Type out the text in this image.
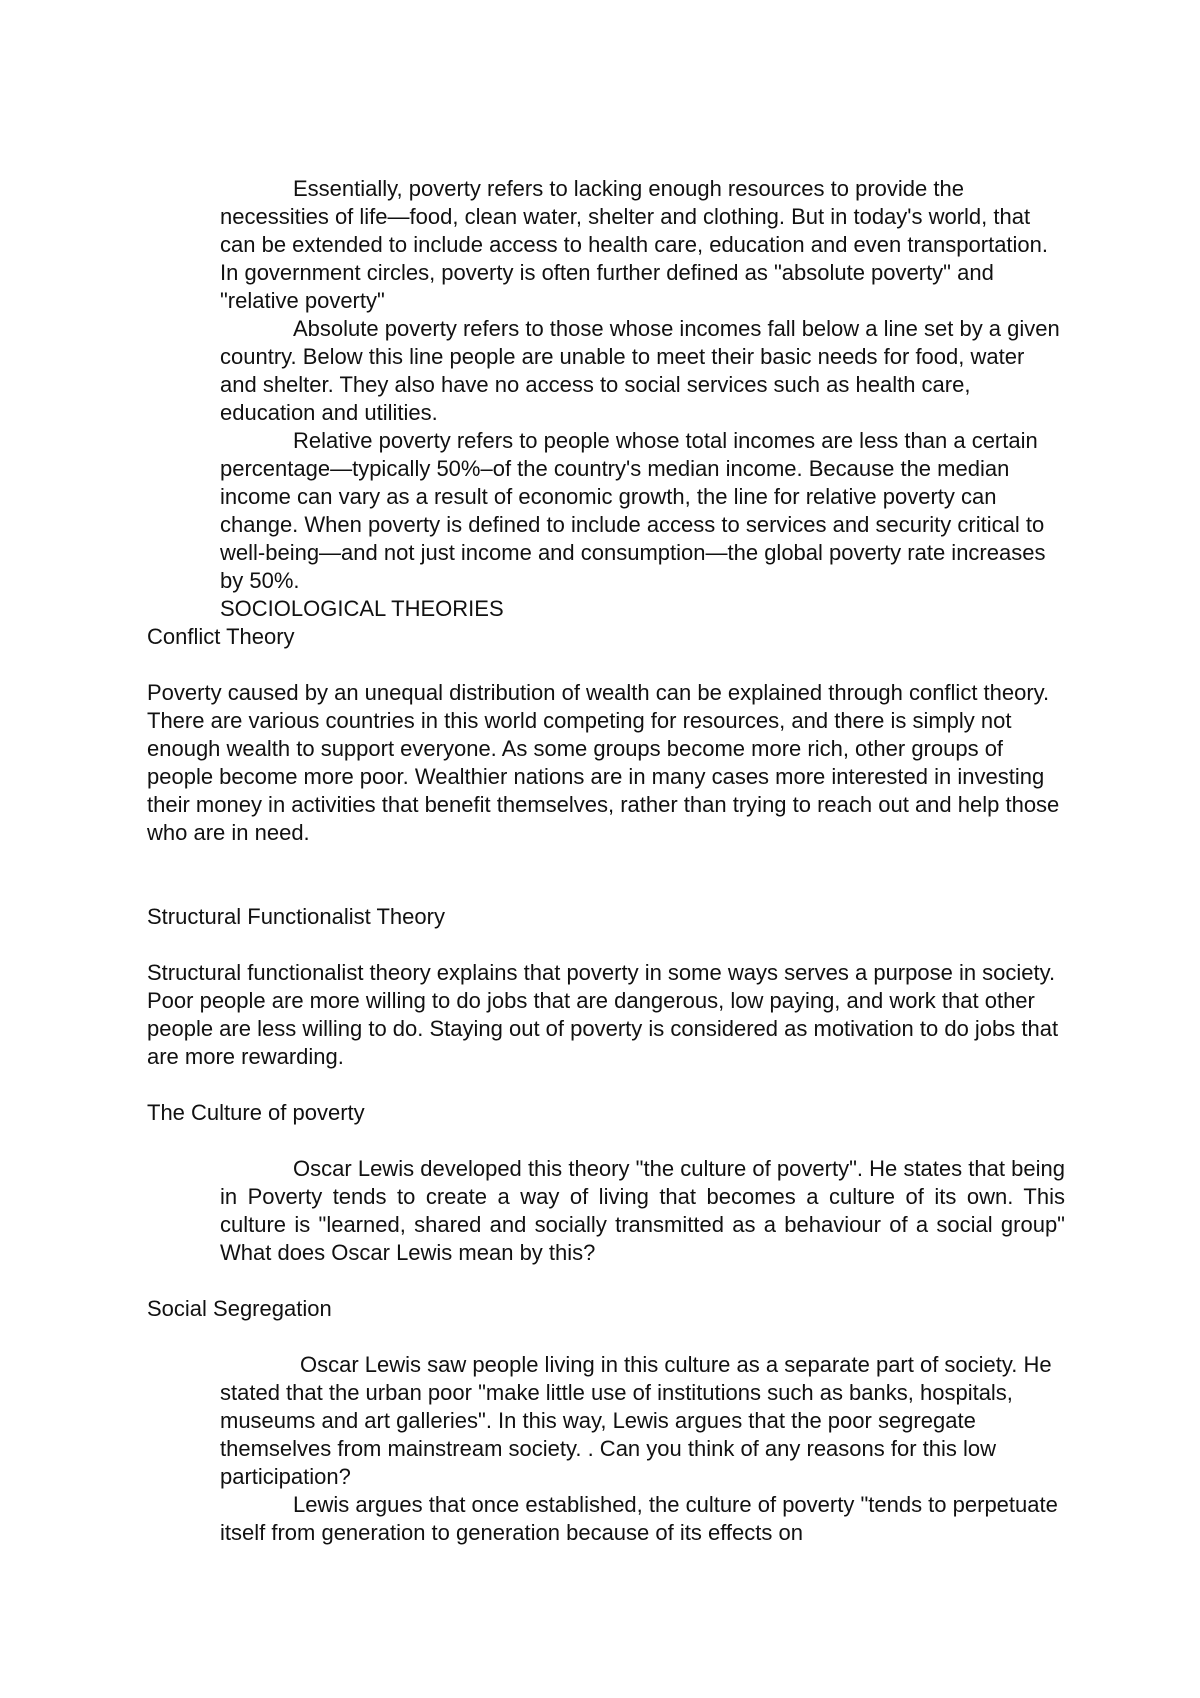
Essentially, poverty refers to lacking enough resources to provide the necessities of life—food, clean water, shelter and clothing. But in today's world, that can be extended to include access to health care, education and even transportation. In government circles, poverty is often further defined as "absolute poverty" and "relative poverty"

Absolute poverty refers to those whose incomes fall below a line set by a given country. Below this line people are unable to meet their basic needs for food, water and shelter. They also have no access to social services such as health care, education and utilities.

Relative poverty refers to people whose total incomes are less than a certain percentage—typically 50%–of the country's median income. Because the median income can vary as a result of economic growth, the line for relative poverty can change. When poverty is defined to include access to services and security critical to well-being—and not just income and consumption—the global poverty rate increases by 50%.

SOCIOLOGICAL THEORIES

Conflict Theory

Poverty caused by an unequal distribution of wealth can be explained through conflict theory.

There are various countries in this world competing for resources, and there is simply not enough wealth to support everyone. As some groups become more rich, other groups of people become more poor. Wealthier nations are in many cases more interested in investing their money in activities that benefit themselves, rather than trying to reach out and help those who are in need.

Structural Functionalist Theory

Structural functionalist theory explains that poverty in some ways serves a purpose in society. Poor people are more willing to do jobs that are dangerous, low paying, and work that other people are less willing to do. Staying out of poverty is considered as motivation to do jobs that are more rewarding.

The Culture of poverty

Oscar Lewis developed this theory "the culture of poverty". He states that being in Poverty tends to create a way of living that becomes a culture of its own. This culture is "learned, shared and socially transmitted as a behaviour of a social group" What does Oscar Lewis mean by this?

Social Segregation

Oscar Lewis saw people living in this culture as a separate part of society. He stated that the urban poor "make little use of institutions such as banks, hospitals, museums and art galleries". In this way, Lewis argues that the poor segregate themselves from mainstream society. . Can you think of any reasons for this low participation?

Lewis argues that once established, the culture of poverty "tends to perpetuate itself from generation to generation because of its effects on
